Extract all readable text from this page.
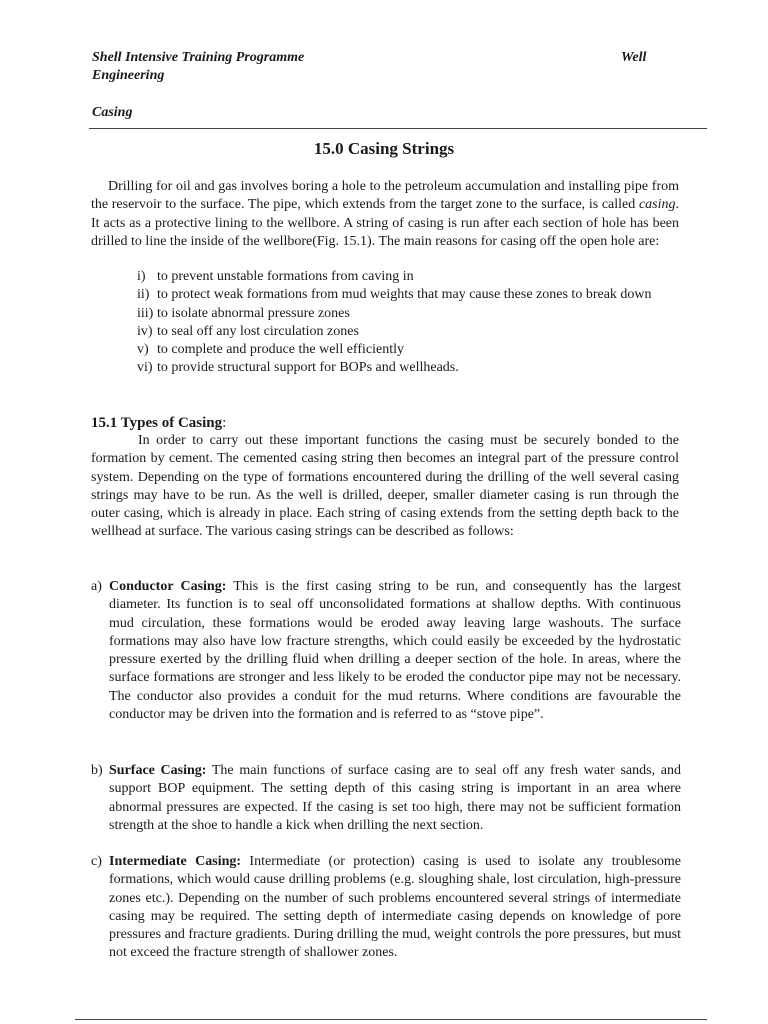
Shell Intensive Training Programme	Well
Engineering
Casing
15.0 Casing Strings
Drilling for oil and gas involves boring a hole to the petroleum accumulation and installing pipe from the reservoir to the surface. The pipe, which extends from the target zone to the surface, is called casing. It acts as a protective lining to the wellbore. A string of casing is run after each section of hole has been drilled to line the inside of the wellbore(Fig. 15.1). The main reasons for casing off the open hole are:
i) to prevent unstable formations from caving in
ii) to protect weak formations from mud weights that may cause these zones to break down
iii) to isolate abnormal pressure zones
iv) to seal off any lost circulation zones
v) to complete and produce the well efficiently
vi) to provide structural support for BOPs and wellheads.
15.1 Types of Casing:
In order to carry out these important functions the casing must be securely bonded to the formation by cement. The cemented casing string then becomes an integral part of the pressure control system. Depending on the type of formations encountered during the drilling of the well several casing strings may have to be run. As the well is drilled, deeper, smaller diameter casing is run through the outer casing, which is already in place. Each string of casing extends from the setting depth back to the wellhead at surface. The various casing strings can be described as follows:
a) Conductor Casing: This is the first casing string to be run, and consequently has the largest diameter. Its function is to seal off unconsolidated formations at shallow depths. With continuous mud circulation, these formations would be eroded away leaving large washouts. The surface formations may also have low fracture strengths, which could easily be exceeded by the hydrostatic pressure exerted by the drilling fluid when drilling a deeper section of the hole. In areas, where the surface formations are stronger and less likely to be eroded the conductor pipe may not be necessary. The conductor also provides a conduit for the mud returns. Where conditions are favourable the conductor may be driven into the formation and is referred to as “stove pipe”.
b) Surface Casing: The main functions of surface casing are to seal off any fresh water sands, and support BOP equipment. The setting depth of this casing string is important in an area where abnormal pressures are expected. If the casing is set too high, there may not be sufficient formation strength at the shoe to handle a kick when drilling the next section.
c) Intermediate Casing: Intermediate (or protection) casing is used to isolate any troublesome formations, which would cause drilling problems (e.g. sloughing shale, lost circulation, high-pressure zones etc.). Depending on the number of such problems encountered several strings of intermediate casing may be required. The setting depth of intermediate casing depends on knowledge of pore pressures and fracture gradients. During drilling the mud, weight controls the pore pressures, but must not exceed the fracture strength of shallower zones.
